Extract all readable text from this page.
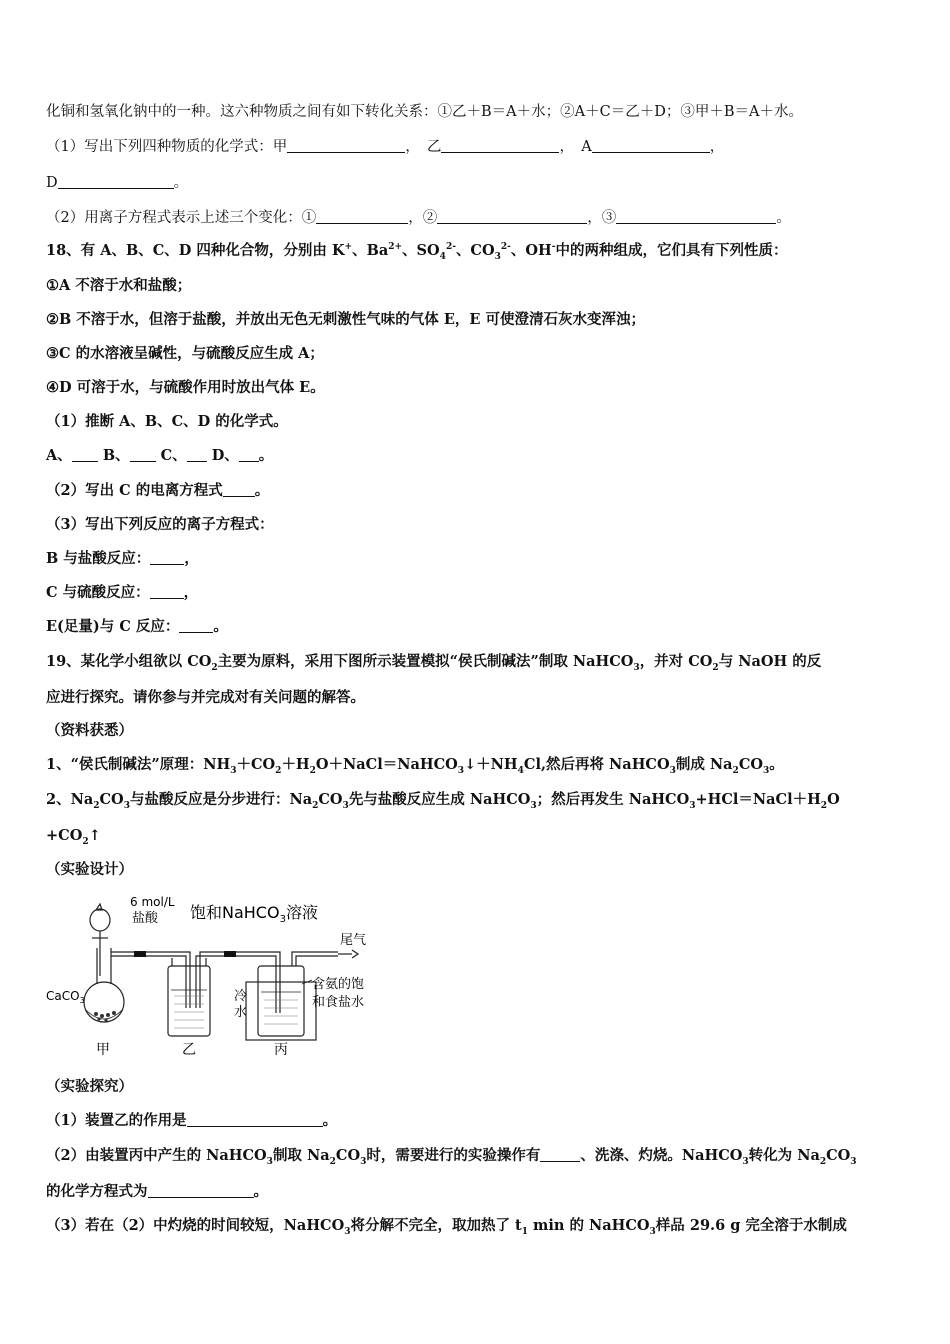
化铜和氢氧化钠中的一种。这六种物质之间有如下转化关系：①乙＋B＝A＋水；②A＋C＝乙＋D；③甲＋B＝A＋水。
（1）写出下列四种物质的化学式：甲	，　乙	，　A	，
D	。
（2）用离子方程式表示上述三个变化：①	，②	，③	。
18、有 A、B、C、D 四种化合物，分别由 K+、$Ba^{2+}$、$SO_4^{2-}$、$CO_3^{2-}$、OH-中的两种组成，它们具有下列性质：
①A 不溶于水和盐酸；
②B 不溶于水，但溶于盐酸，并放出无色无刺激性气味的气体 E，E 可使澄清石灰水变浑浊；
③C 的水溶液呈碱性，与硫酸反应生成 A；
④D 可溶于水，与硫酸作用时放出气体 E。
（1）推断 A、B、C、D 的化学式。
A、 B、 C、 D、 。
（2）写出 C 的电离方程式 。
（3）写出下列反应的离子方程式：
B 与盐酸反应： ，
C 与硫酸反应： ，
E(足量)与 C 反应： 。
19、某化学小组欲以 $CO_2$主要为原料，采用下图所示装置模拟“侯氏制碱法”制取 NaHCO$_3$，并对 $CO_2$与 NaOH 的反
应进行探究。请你参与并完成对有关问题的解答。
（资料获悉）
1、“侯氏制碱法”原理：$NH_3+CO_2+H_2O+NaCl=NaHCO_3↓+NH_4Cl$,然后再将 NaHCO$_3$制成 $Na_2CO_3$。
2、$Na_2CO_3$与盐酸反应是分步进行：$Na_2CO_3$先与盐酸反应生成 NaHCO$_3$；然后再发生 $NaHCO_3+HCl=NaCl+H_2O$
$+CO_2↑$
（实验设计）
6 mol/L
盐酸 饱和NaHCO$_3$溶液
尾气
CaCO$_3$
含氨的饱
和食盐水
冷
水
甲	乙	丙
（实验探究）
（1）装置乙的作用是	。
（2）由装置丙中产生的 NaHCO$_3$制取 $Na_2CO_3$时，需要进行的实验操作有	、洗涤、灼烧。NaHCO$_3$转化为 $Na_2CO_3$
的化学方程式为	。
（3）若在（2）中灼烧的时间较短，NaHCO$_3$将分解不完全，取加热了 $t_1$ min 的 NaHCO$_3$样品 29.6 g 完全溶于水制成
